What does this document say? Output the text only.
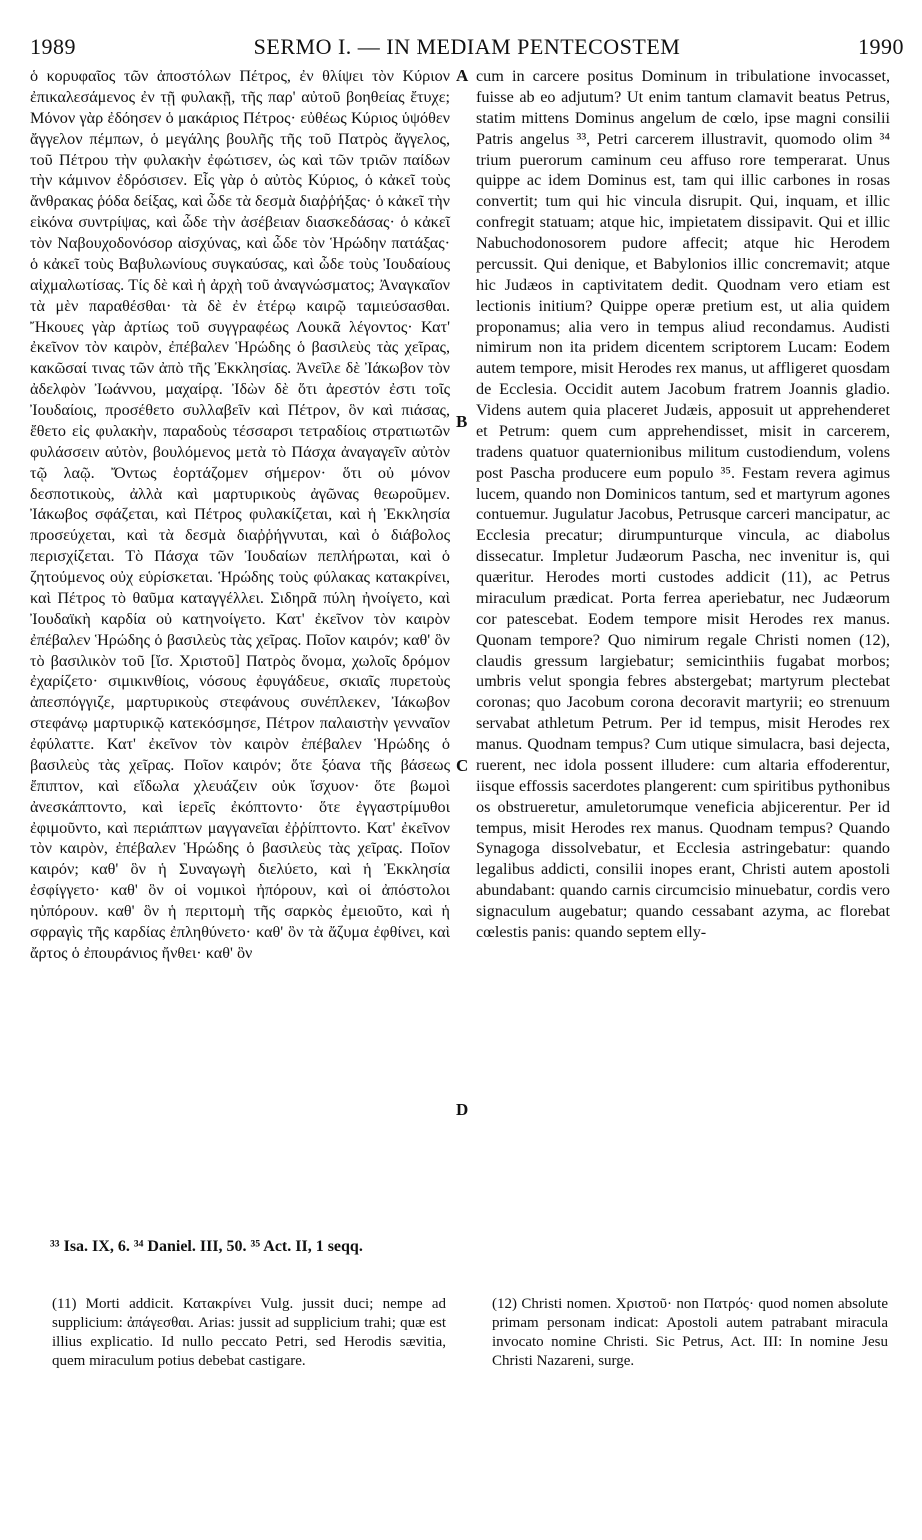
1989	SERMO I. — IN MEDIAM PENTECOSTEM	1990

ὁ κορυφαῖος τῶν ἀποστόλων Πέτρος, ἐν θλίψει τὸν Κύριον ἐπικαλεσάμενος ἐν τῇ φυλακῇ, τῆς παρ' αὐτοῦ βοηθείας ἔτυχε; Μόνον γὰρ ἐδόησεν ὁ μακάριος Πέτρος· εὐθέως Κύριος ὑψόθεν ἄγγελον πέμπων, ὁ μεγάλης βουλῆς τῆς τοῦ Πατρὸς ἄγγελος, τοῦ Πέτρου τὴν φυλακὴν ἐφώτισεν, ὡς καὶ τῶν τριῶν παίδων τὴν κάμινον ἐδρόσισεν. Εἷς γὰρ ὁ αὐτὸς Κύριος, ὁ κἀκεῖ τοὺς ἄνθρακας ῥόδα δείξας, καὶ ὧδε τὰ δεσμὰ διαῤῥήξας· ὁ κἀκεῖ τὴν εἰκόνα συντρίψας, καὶ ὧδε τὴν ἀσέβειαν διασκεδάσας· ὁ κἀκεῖ τὸν Ναβουχοδονόσορ αἰσχύνας, καὶ ὧδε τὸν Ἡρώδην πατάξας· ὁ κἀκεῖ τοὺς Βαβυλωνίους συγκαύσας, καὶ ὧδε τοὺς Ἰουδαίους αἰχμαλωτίσας. Τίς δὲ καὶ ἡ ἀρχὴ τοῦ ἀναγνώσματος; Ἀναγκαῖον τὰ μὲν παραθέσθαι· τὰ δὲ ἐν ἑτέρῳ καιρῷ ταμιεύσασθαι. Ἤκουες γὰρ ἀρτίως τοῦ συγγραφέως Λουκᾶ λέγοντος· Κατ' ἐκεῖνον τὸν καιρὸν, ἐπέβαλεν Ἡρώδης ὁ βασιλεὺς τὰς χεῖρας, κακῶσαί τινας τῶν ἀπὸ τῆς Ἐκκλησίας. Ἀνεῖλε δὲ Ἰάκωβον τὸν ἀδελφὸν Ἰωάννου, μαχαίρᾳ. Ἰδὼν δὲ ὅτι ἀρεστόν ἐστι τοῖς Ἰουδαίοις, προσέθετο συλλαβεῖν καὶ Πέτρον, ὃν καὶ πιάσας, ἔθετο εἰς φυλακὴν, παραδοὺς τέσσαρσι τετραδίοις στρατιωτῶν φυλάσσειν αὐτὸν, βουλόμενος μετὰ τὸ Πάσχα ἀναγαγεῖν αὐτὸν τῷ λαῷ. Ὄντως ἑορτάζομεν σήμερον· ὅτι οὐ μόνον δεσποτικοὺς, ἀλλὰ καὶ μαρτυρικοὺς ἀγῶνας θεωροῦμεν. Ἰάκωβος σφάζεται, καὶ Πέτρος φυλακίζεται, καὶ ἡ Ἐκκλησία προσεύχεται, καὶ τὰ δεσμὰ διαῤῥήγνυται, καὶ ὁ διάβολος περισχίζεται. Τὸ Πάσχα τῶν Ἰουδαίων πεπλήρωται, καὶ ὁ ζητούμενος οὐχ εὑρίσκεται. Ἡρώδης τοὺς φύλακας κατακρίνει, καὶ Πέτρος τὸ θαῦμα καταγγέλλει. Σιδηρᾶ πύλη ἠνοίγετο, καὶ Ἰουδαϊκὴ καρδία οὐ κατηνοίγετο. Κατ' ἐκεῖνον τὸν καιρὸν ἐπέβαλεν Ἡρώδης ὁ βασιλεὺς τὰς χεῖρας. Ποῖον καιρόν; καθ' ὃν τὸ βασιλικὸν τοῦ [ἴσ. Χριστοῦ] Πατρὸς ὄνομα, χωλοῖς δρόμον ἐχαρίζετο· σιμικινθίοις, νόσους ἐφυγάδευε, σκιαῖς πυρετοὺς ἀπεσπόγγιζε, μαρτυρικοὺς στεφάνους συνέπλεκεν, Ἰάκωβον στεφάνῳ μαρτυρικῷ κατεκόσμησε, Πέτρον παλαιστὴν γενναῖον ἐφύλαττε. Κατ' ἐκεῖνον τὸν καιρὸν ἐπέβαλεν Ἡρώδης ὁ βασιλεὺς τὰς χεῖρας. Ποῖον καιρόν; ὅτε ξόανα τῆς βάσεως ἔπιπτον, καὶ εἴδωλα χλευάζειν οὐκ ἴσχυον· ὅτε βωμοὶ ἀνεσκάπτοντο, καὶ ἱερεῖς ἐκόπτοντο· ὅτε ἐγγαστρίμυθοι ἐφιμοῦντο, καὶ περιάπτων μαγγανεῖαι ἐῤῥίπτοντο. Κατ' ἐκεῖνον τὸν καιρὸν, ἐπέβαλεν Ἡρώδης ὁ βασιλεὺς τὰς χεῖρας. Ποῖον καιρόν; καθ' ὃν ἡ Συναγωγὴ διελύετο, καὶ ἡ Ἐκκλησία ἐσφίγγετο· καθ' ὃν οἱ νομικοὶ ἠπόρουν, καὶ οἱ ἀπόστολοι ηὐπόρουν. καθ' ὃν ἡ περιτομὴ τῆς σαρκὸς ἐμειοῦτο, καὶ ἡ σφραγὶς τῆς καρδίας ἐπληθύνετο· καθ' ὃν τὰ ἄζυμα ἐφθίνει, καὶ ἄρτος ὁ ἐπουράνιος ἤνθει· καθ' ὃν

A
B
C
D

cum in carcere positus Dominum in tribulatione invocasset, fuisse ab eo adjutum? Ut enim tantum clamavit beatus Petrus, statim mittens Dominus angelum de cœlo, ipse magni consilii Patris angelus ³³, Petri carcerem illustravit, quomodo olim ³⁴ trium puerorum caminum ceu affuso rore temperarat. Unus quippe ac idem Dominus est, tam qui illic carbones in rosas convertit; tum qui hic vincula disrupit. Qui, inquam, et illic confregit statuam; atque hic, impietatem dissipavit. Qui et illic Nabuchodonosorem pudore affecit; atque hic Herodem percussit. Qui denique, et Babylonios illic concremavit; atque hic Judæos in captivitatem dedit. Quodnam vero etiam est lectionis initium? Quippe operæ pretium est, ut alia quidem proponamus; alia vero in tempus aliud recondamus. Audisti nimirum non ita pridem dicentem scriptorem Lucam: Eodem autem tempore, misit Herodes rex manus, ut affligeret quosdam de Ecclesia. Occidit autem Jacobum fratrem Joannis gladio. Videns autem quia placeret Judæis, apposuit ut apprehenderet et Petrum: quem cum apprehendisset, misit in carcerem, tradens quatuor quaternionibus militum custodiendum, volens post Pascha producere eum populo ³⁵. Festam revera agimus lucem, quando non Dominicos tantum, sed et martyrum agones contuemur. Jugulatur Jacobus, Petrusque carceri mancipatur, ac Ecclesia precatur; dirumpunturque vincula, ac diabolus dissecatur. Impletur Judæorum Pascha, nec invenitur is, qui quæritur. Herodes morti custodes addicit (11), ac Petrus miraculum prædicat. Porta ferrea aperiebatur, nec Judæorum cor patescebat. Eodem tempore misit Herodes rex manus. Quonam tempore? Quo nimirum regale Christi nomen (12), claudis gressum largiebatur; semicinthiis fugabat morbos; umbris velut spongia febres abstergebat; martyrum plectebat coronas; quo Jacobum corona decoravit martyrii; eo strenuum servabat athletum Petrum. Per id tempus, misit Herodes rex manus. Quodnam tempus? Cum utique simulacra, basi dejecta, ruerent, nec idola possent illudere: cum altaria effoderentur, iisque effossis sacerdotes plangerent: cum spiritibus pythonibus os obstrueretur, amuletorumque veneficia abjicerentur. Per id tempus, misit Herodes rex manus. Quodnam tempus? Quando Synagoga dissolvebatur, et Ecclesia astringebatur: quando legalibus addicti, consilii inopes erant, Christi autem apostoli abundabant: quando carnis circumcisio minuebatur, cordis vero signaculum augebatur; quando cessabant azyma, ac florebat cœlestis panis: quando septem elly-

³³ Isa. IX, 6. ³⁴ Daniel. III, 50. ³⁵ Act. II, 1 seqq.

(11) Morti addicit. Κατακρίνει Vulg. jussit duci; nempe ad supplicium: ἀπάγεσθαι. Arias: jussit ad supplicium trahi; quæ est illius explicatio. Id nullo peccato Petri, sed Herodis sævitia, quem miraculum potius debebat castigare.

(12) Christi nomen. Χριστοῦ· non Πατρός· quod nomen absolute primam personam indicat: Apostoli autem patrabant miracula invocato nomine Christi. Sic Petrus, Act. III: In nomine Jesu Christi Nazareni, surge.
